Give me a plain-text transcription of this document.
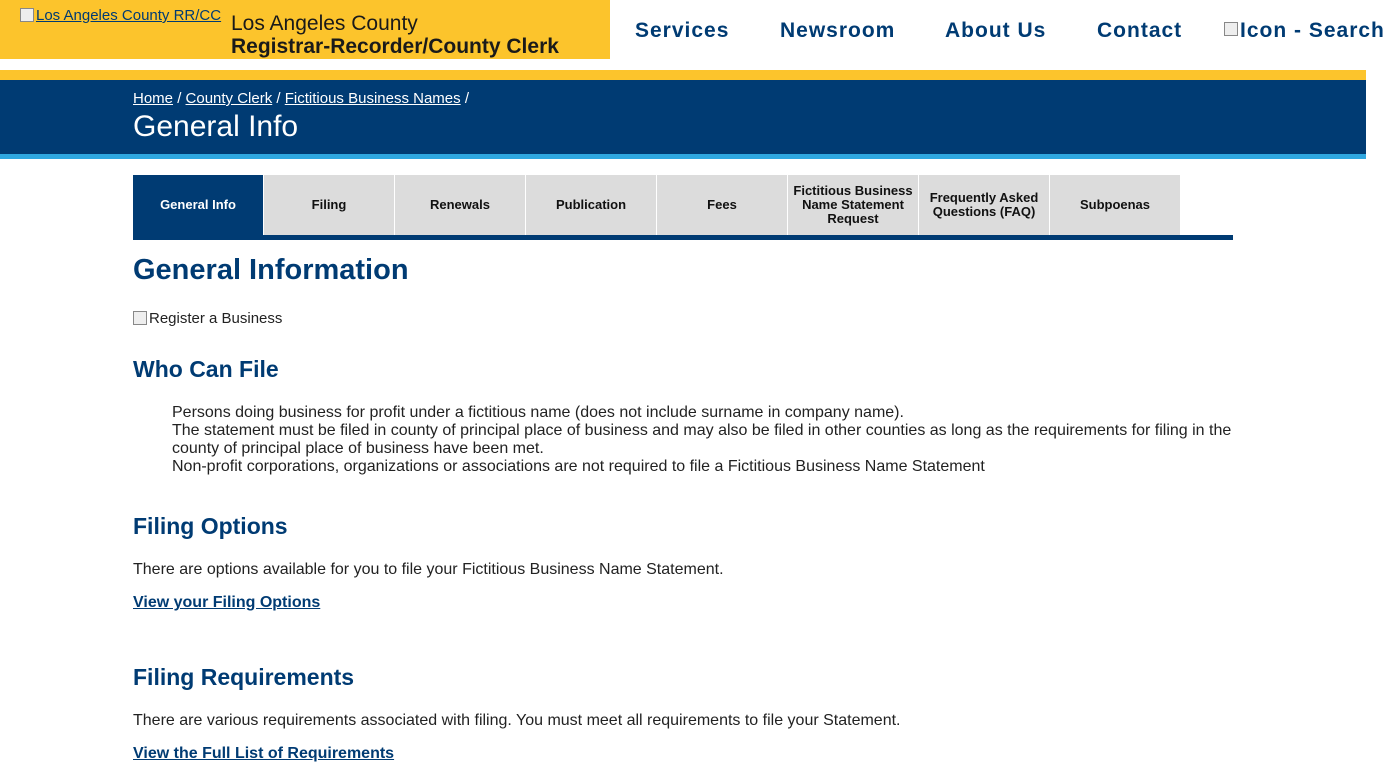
Los Angeles County RR/CC Los Angeles County
Registrar-Recorder/County Clerk
Services Newsroom About Us Contact	Icon - Search
Home / County Clerk / Fictitious Business Names /
General Info
General Info	Filing	Renewals	Publication	Fees
Fictitious Business Name Statement Request
Frequently Asked Questions (FAQ)	Subpoenas
General Information
Register a Business
Who Can File
Persons doing business for profit under a fictitious name (does not include surname in company name).
The statement must be filed in county of principal place of business and may also be filed in other counties as long as the requirements for filing in the county of principal place of business have been met.
Non-profit corporations, organizations or associations are not required to file a Fictitious Business Name Statement
Filing Options
There are options available for you to file your Fictitious Business Name Statement.
View your Filing Options
Filing Requirements
There are various requirements associated with filing. You must meet all requirements to file your Statement.
View the Full List of Requirements
